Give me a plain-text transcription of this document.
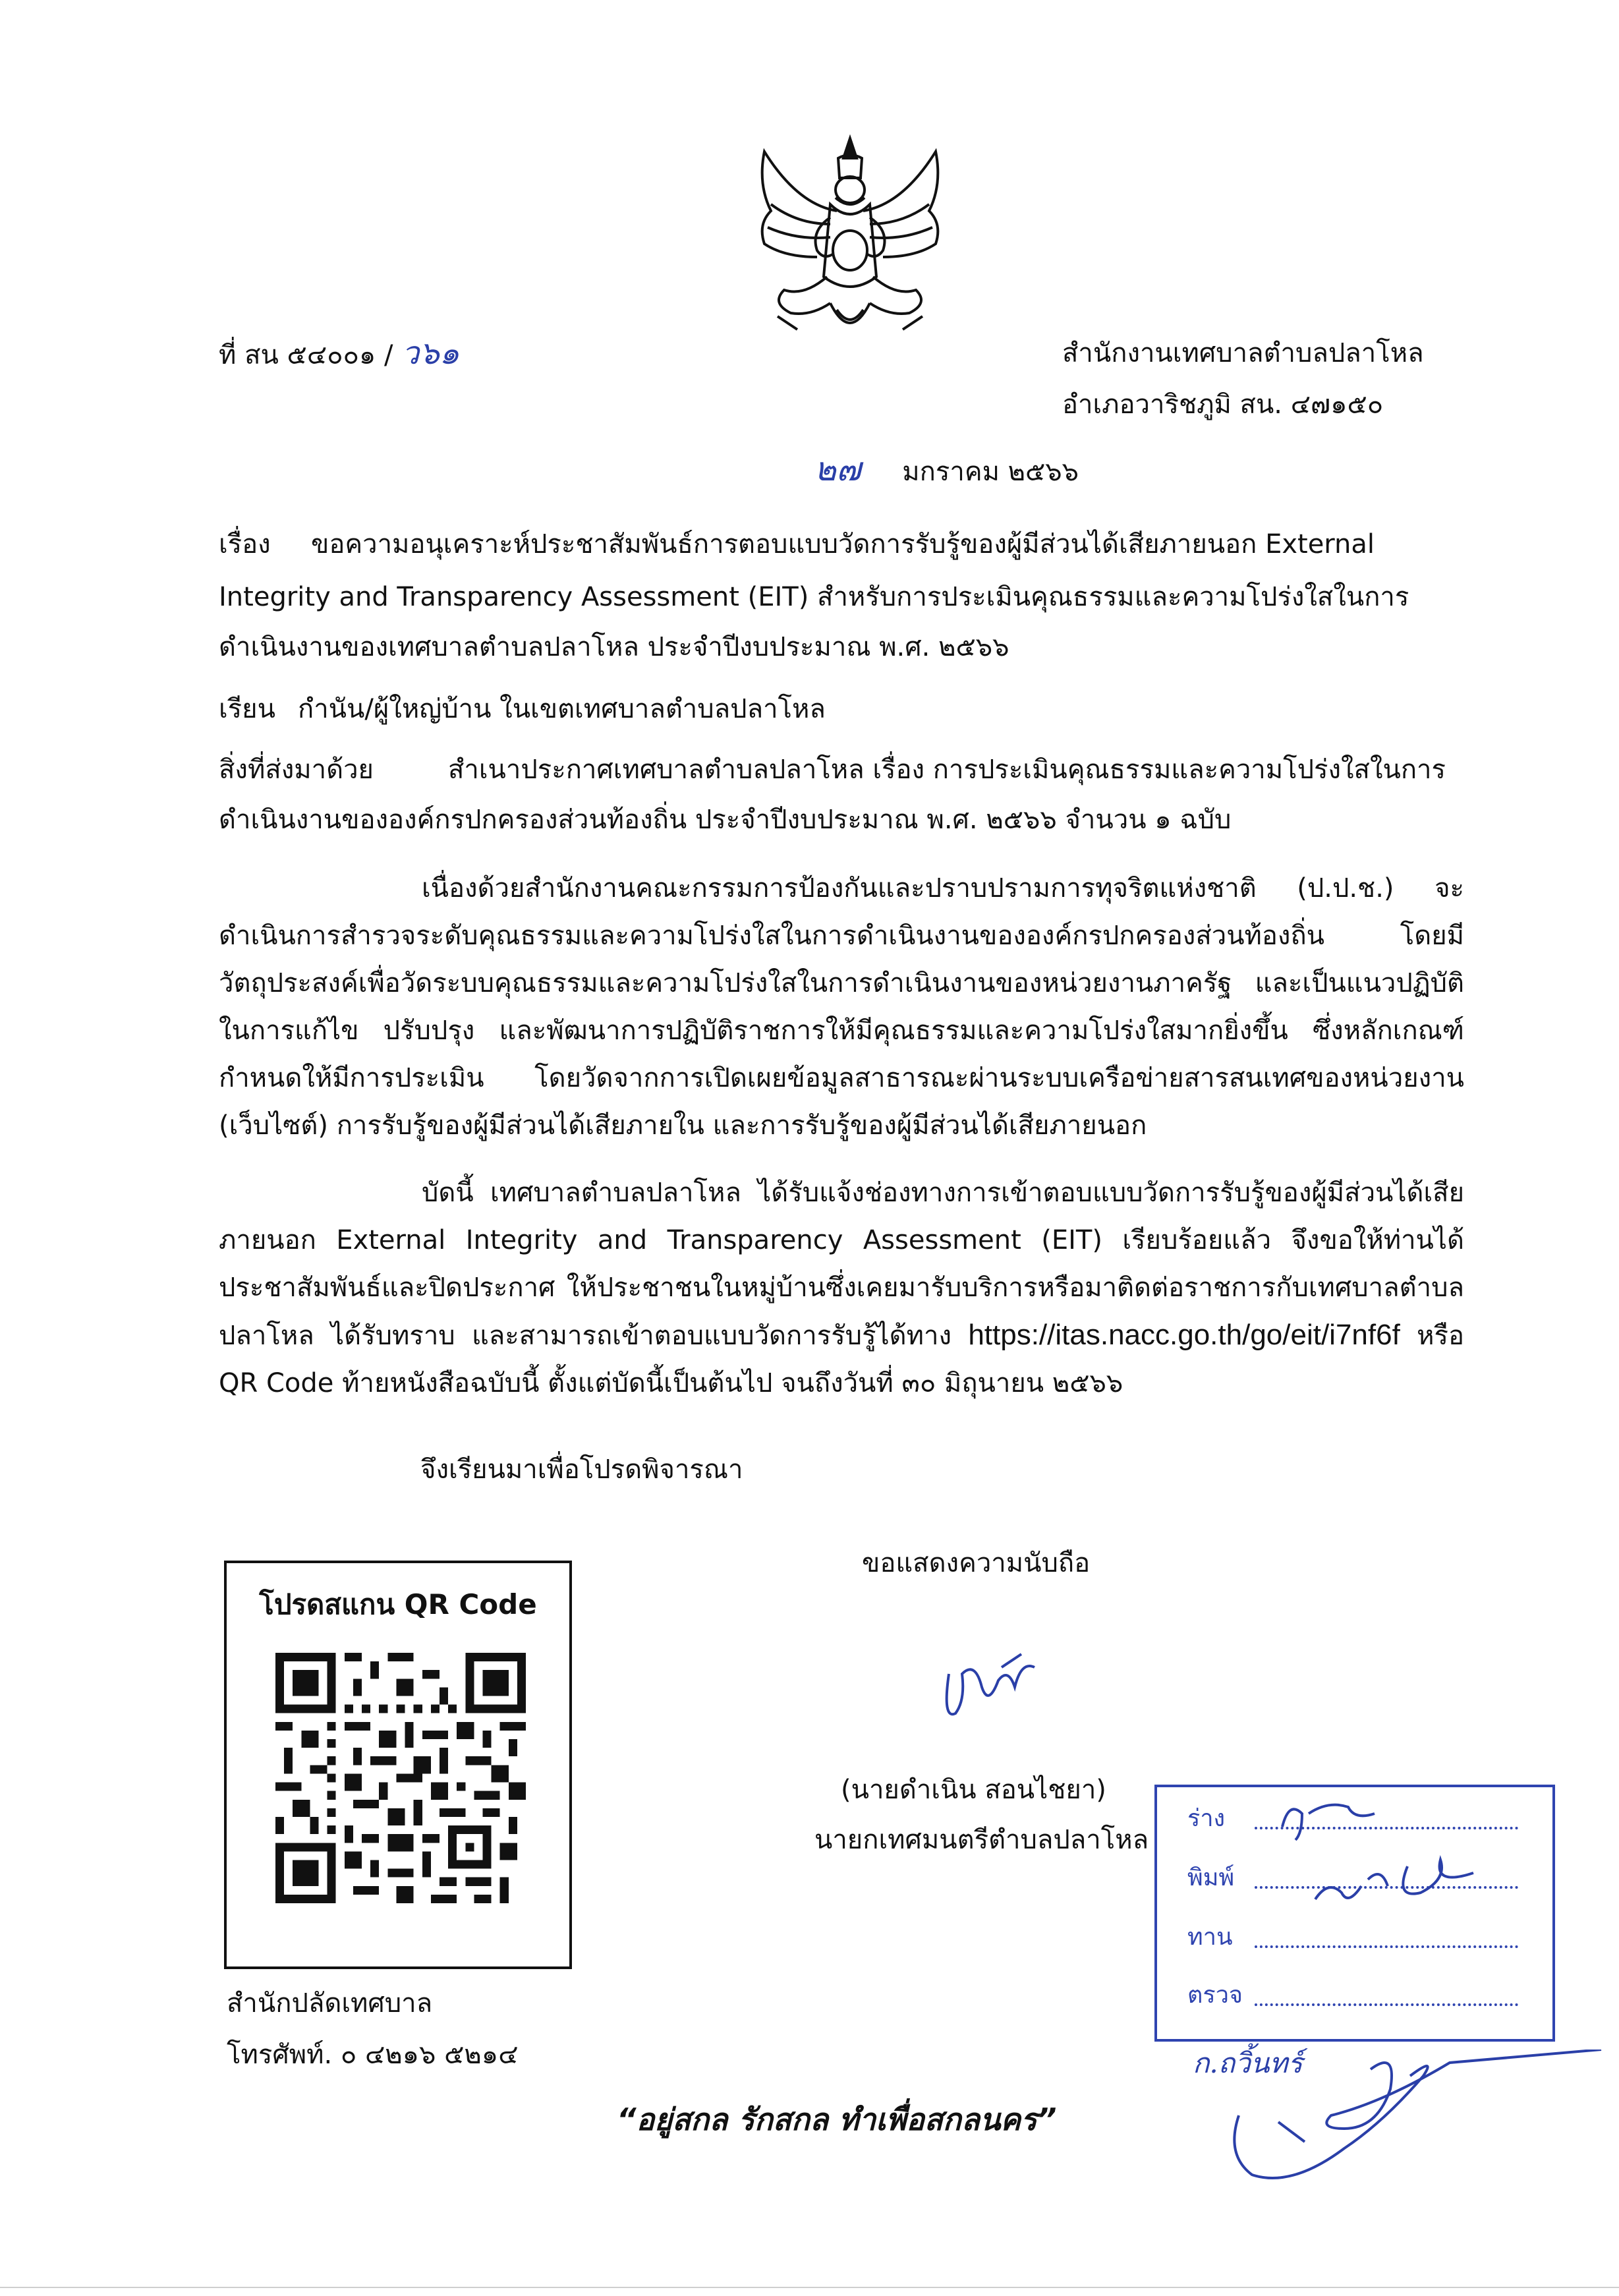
ที่ สน ๕๔๐๐๑ / ว๖๑	สำนักงานเทศบาลตำบลปลาโหล
อำเภอวาริชภูมิ สน. ๔๗๑๕๐
๒๗ มกราคม ๒๕๖๖
เรื่อง ขอความอนุเคราะห์ประชาสัมพันธ์การตอบแบบวัดการรับรู้ของผู้มีส่วนได้เสียภายนอก External
Integrity and Transparency Assessment (EIT) สำหรับการประเมินคุณธรรมและความโปร่งใสในการ
ดำเนินงานของเทศบาลตำบลปลาโหล ประจำปีงบประมาณ พ.ศ. ๒๕๖๖
เรียน กำนัน/ผู้ใหญ่บ้าน ในเขตเทศบาลตำบลปลาโหล
สิ่งที่ส่งมาด้วย	สำเนาประกาศเทศบาลตำบลปลาโหล เรื่อง การประเมินคุณธรรมและความโปร่งใสในการ
ดำเนินงานขององค์กรปกครองส่วนท้องถิ่น ประจำปีงบประมาณ พ.ศ. ๒๕๖๖ จำนวน ๑ ฉบับ
เนื่องด้วยสำนักงานคณะกรรมการป้องกันและปราบปรามการทุจริตแห่งชาติ (ป.ป.ช.) จะดำเนินการสำรวจระดับคุณธรรมและความโปร่งใสในการดำเนินงานขององค์กรปกครองส่วนท้องถิ่น โดยมีวัตถุประสงค์เพื่อวัดระบบคุณธรรมและความโปร่งใสในการดำเนินงานของหน่วยงานภาครัฐ และเป็นแนวปฏิบัติในการแก้ไข ปรับปรุง และพัฒนาการปฏิบัติราชการให้มีคุณธรรมและความโปร่งใสมากยิ่งขึ้น ซึ่งหลักเกณฑ์กำหนดให้มีการประเมิน โดยวัดจากการเปิดเผยข้อมูลสาธารณะผ่านระบบเครือข่ายสารสนเทศของหน่วยงาน (เว็บไซต์) การรับรู้ของผู้มีส่วนได้เสียภายใน และการรับรู้ของผู้มีส่วนได้เสียภายนอก
บัดนี้ เทศบาลตำบลปลาโหล ได้รับแจ้งช่องทางการเข้าตอบแบบวัดการรับรู้ของผู้มีส่วนได้เสียภายนอก External Integrity and Transparency Assessment (EIT) เรียบร้อยแล้ว จึงขอให้ท่านได้ประชาสัมพันธ์และปิดประกาศ ให้ประชาชนในหมู่บ้านซึ่งเคยมารับบริการหรือมาติดต่อราชการกับเทศบาลตำบลปลาโหล ได้รับทราบ และสามารถเข้าตอบแบบวัดการรับรู้ได้ทาง https://itas.nacc.go.th/go/eit/i7nf6f หรือ QR Code ท้ายหนังสือฉบับนี้ ตั้งแต่บัดนี้เป็นต้นไป จนถึงวันที่ ๓๐ มิถุนายน ๒๕๖๖
จึงเรียนมาเพื่อโปรดพิจารณา
ขอแสดงความนับถือ
(นายดำเนิน สอนไชยา)
นายกเทศมนตรีตำบลปลาโหล
โปรดสแกน QR Code
ร่าง
พิมพ์
ทาน
ตรวจ
ก.ถวิ้นทร์
สำนักปลัดเทศบาล
โทรศัพท์. ๐ ๔๒๑๖ ๕๒๑๔
“อยู่สกล รักสกล ทำเพื่อสกลนคร”
